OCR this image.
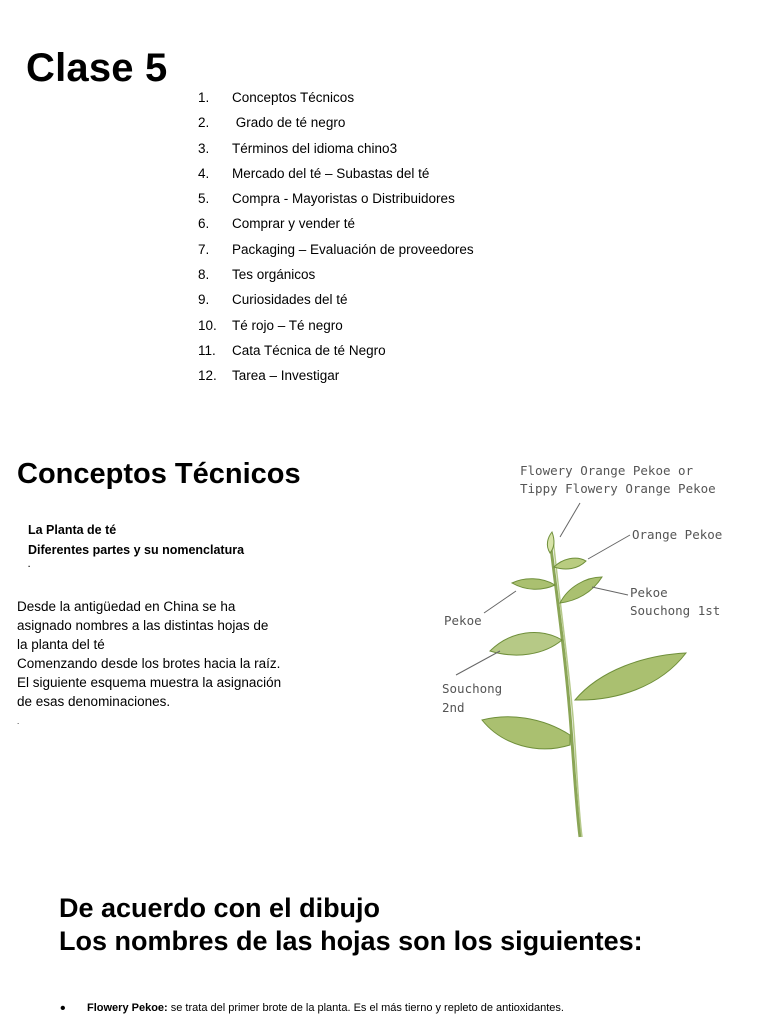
Clase 5
1. Conceptos Técnicos
2. Grado de té negro
3. Términos del idioma chino3
4. Mercado del té – Subastas del té
5. Compra - Mayoristas o Distribuidores
6. Comprar y vender té
7. Packaging – Evaluación de proveedores
8. Tes orgánicos
9. Curiosidades del té
10. Té rojo – Té negro
11. Cata Técnica de té Negro
12. Tarea – Investigar
Conceptos Técnicos
La Planta de té
Diferentes partes y su nomenclatura
.
Desde la antigüedad en China se ha
asignado nombres a las distintas hojas de
la planta del té
Comenzando desde los brotes hacia la raíz.
El siguiente esquema muestra la asignación
de esas denominaciones.
.
Flowery Orange Pekoe or
Tippy Flowery Orange Pekoe
Orange Pekoe
Pekoe
Souchong 1st
Pekoe
Souchong
2nd
De acuerdo con el dibujo
Los nombres de las hojas son los siguientes:
• Flowery Pekoe: se trata del primer brote de la planta. Es el más tierno y repleto de antioxidantes.
